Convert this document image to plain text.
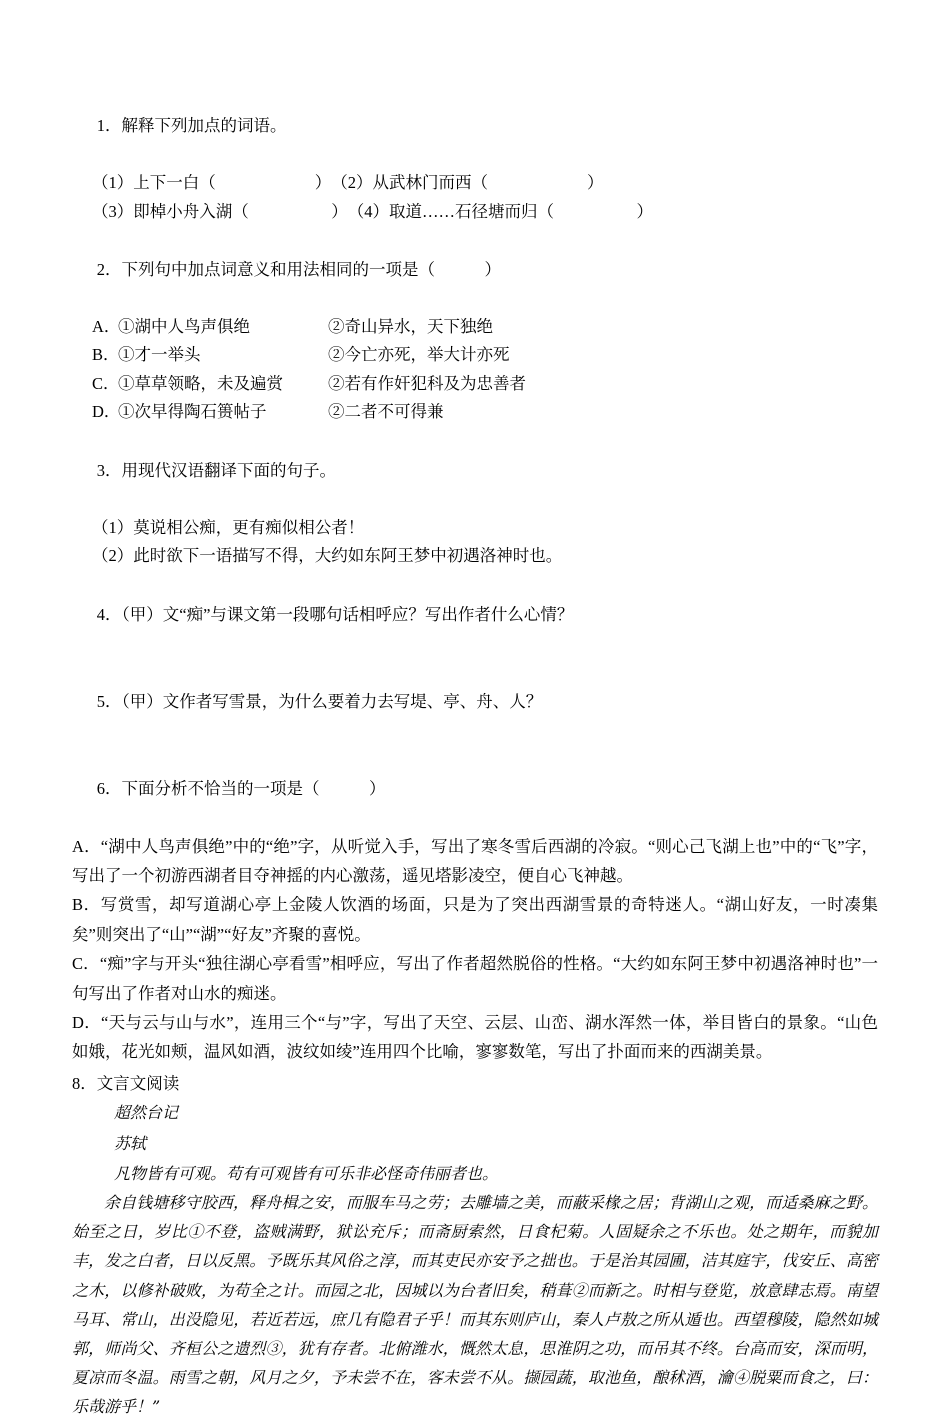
1．解释下列加点的词语。

（1）上下一白（　　　　　　）　（2）从武林门而西（　　　　　　）
（3）即棹小舟入湖（　　　　　）　（4）取道……石径塘而归（　　　　　）

2．下列句中加点词意义和用法相同的一项是（　　　）

A．
①湖中人鸟声俱绝	②奇山异水，天下独绝
B．
①才一举头	②今亡亦死，举大计亦死
C．
①草草领略，未及遍赏	②若有作奸犯科及为忠善者
D．
①次早得陶石篑帖子	②二者不可得兼

3．用现代汉语翻译下面的句子。

（1）莫说相公痴，更有痴似相公者！
（2）此时欲下一语描写不得，大约如东阿王梦中初遇洛神时也。

4．（甲）文“痴”与课文第一段哪句话相呼应？写出作者什么心情？

5．（甲）文作者写雪景，为什么要着力去写堤、亭、舟、人？

6．下面分析不恰当的一项是（　　　）

A．“湖中人鸟声俱绝”中的“绝”字，从听觉入手，写出了寒冬雪后西湖的冷寂。“则心己飞湖上也”中的“飞”字，写出了一个初游西湖者目夺神摇的内心激荡，遥见塔影凌空，便自心飞神越。
B．写赏雪，却写道湖心亭上金陵人饮酒的场面，只是为了突出西湖雪景的奇特迷人。“湖山好友，一时凑集矣”则突出了“山”“湖”“好友”齐聚的喜悦。
C．“痴”字与开头“独往湖心亭看雪”相呼应，写出了作者超然脱俗的性格。“大约如东阿王梦中初遇洛神时也”一句写出了作者对山水的痴迷。
D．“天与云与山与水”，连用三个“与”字，写出了天空、云层、山峦、湖水浑然一体，举目皆白的景象。“山色如娥，花光如颊，温风如酒，波纹如绫”连用四个比喻，寥寥数笔，写出了扑面而来的西湖美景。
8．文言文阅读
超然台记
苏轼
凡物皆有可观。苟有可观皆有可乐非必怪奇伟丽者也。
余自钱塘移守胶西，释舟楫之安，而服车马之劳；去雕墙之美，而蔽采椽之居；背湖山之观，而适桑麻之野。始至之日，岁比①不登，盗贼满野，狱讼充斥；而斋厨索然，日食杞菊。人固疑余之不乐也。处之期年，而貌加丰，发之白者，日以反黑。予既乐其风俗之淳，而其吏民亦安予之拙也。于是治其园圃，洁其庭宇，伐安丘、高密之木，以修补破败，为苟全之计。而园之北，因城以为台者旧矣，稍葺②而新之。时相与登览，放意肆志焉。南望马耳、常山，出没隐见，若近若远，庶几有隐君子乎！而其东则庐山，秦人卢敖之所从遁也。西望穆陵，隐然如城郭，师尚父、齐桓公之遗烈③，犹有存者。北俯潍水，慨然太息，思淮阴之功，而吊其不终。台高而安，深而明，夏凉而冬温。雨雪之朝，风月之夕，予未尝不在，客未尝不从。撷园蔬，取池鱼，酿秫酒，瀹④脱粟而食之，曰：乐哉游乎！”
